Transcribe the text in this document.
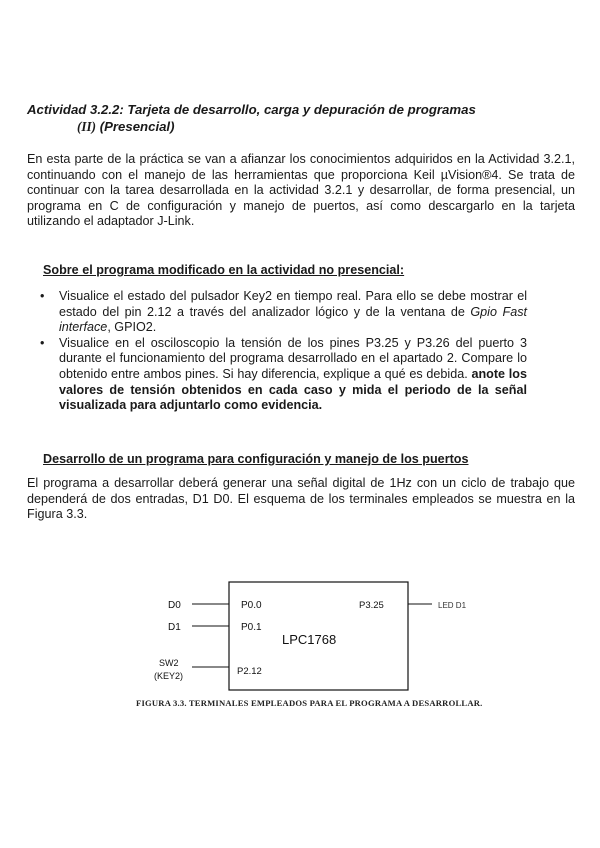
Actividad 3.2.2: Tarjeta de desarrollo, carga y depuración de programas
(II) (Presencial)
En esta parte de la práctica se van a afianzar los conocimientos adquiridos en la Actividad 3.2.1, continuando con el manejo de las herramientas que proporciona Keil µVision®4. Se trata de continuar con la tarea desarrollada en la actividad 3.2.1 y desarrollar, de forma presencial, un programa en C de configuración y manejo de puertos, así como descargarlo en la tarjeta utilizando el adaptador J-Link.
Sobre el programa modificado en la actividad no presencial:
• Visualice el estado del pulsador Key2 en tiempo real. Para ello se debe mostrar el estado del pin 2.12 a través del analizador lógico y de la ventana de Gpio Fast interface, GPIO2.
• Visualice en el osciloscopio la tensión de los pines P3.25 y P3.26 del puerto 3 durante el funcionamiento del programa desarrollado en el apartado 2. Compare lo obtenido entre ambos pines. Si hay diferencia, explique a qué es debida. anote los valores de tensión obtenidos en cada caso y mida el periodo de la señal visualizada para adjuntarlo como evidencia.
Desarrollo de un programa para configuración y manejo de los puertos
El programa a desarrollar deberá generar una señal digital de 1Hz con un ciclo de trabajo que dependerá de dos entradas, D1 D0. El esquema de los terminales empleados se muestra en la Figura 3.3.
D0
D1
SW2
(KEY2)
P0.0
P0.1
P2.12
P3.25
LPC1768
LED D1
FIGURA 3.3. TERMINALES EMPLEADOS PARA EL PROGRAMA A DESARROLLAR.
